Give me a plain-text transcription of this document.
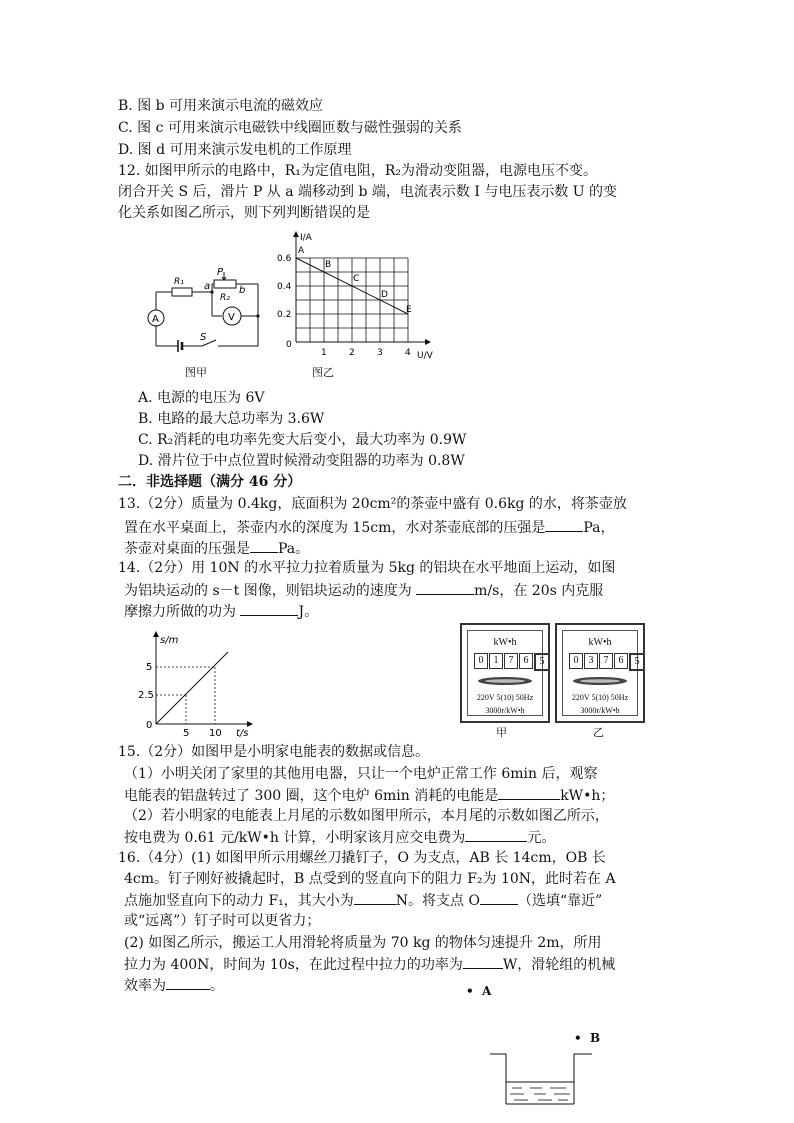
B. 图 b 可用来演示电流的磁效应
C. 图 c 可用来演示电磁铁中线圈匝数与磁性强弱的关系
D. 图 d 可用来演示发电机的工作原理
12. 如图甲所示的电路中，R₁为定值电阻，R₂为滑动变阻器，电源电压不变。
闭合开关 S 后，滑片 P 从 a 端移动到 b 端，电流表示数 I 与电压表示数 U 的变
化关系如图乙所示，则下列判断错误的是
R₁ a
P
b
R₂
A	V
S
图甲
I/A
U/V
0
0.6
0.4
0.2
1 2 3 4
A
B
C
D
E
图乙
A. 电源的电压为 6V
B. 电路的最大总功率为 3.6W
C. R₂消耗的电功率先变大后变小，最大功率为 0.9W
D. 滑片位于中点位置时候滑动变阻器的功率为 0.8W
二．非选择题（满分 46 分）
13.（2分）质量为 0.4kg，底面积为 20cm²的茶壶中盛有 0.6kg 的水，将茶壶放
置在水平桌面上，茶壶内水的深度为 15cm，水对茶壶底部的压强是	Pa，
茶壶对桌面的压强是 Pa。
14.（2分）用 10N 的水平拉力拉着质量为 5kg 的铝块在水平地面上运动，如图
为铝块运动的 s－t 图像，则铝块运动的速度为	m/s，在 20s 内克服
摩擦力所做的功为	J。
s/m
t/s
0
5
2.5
5 10
kW•h
0	1	7	6	5
220V 5(10) 50Hz
3000r/kW•h
甲
kW•h
0	3	7	6	5
220V 5(10) 50Hz
3000r/kW•h
乙
15.（2分）如图甲是小明家电能表的数据或信息。
（1）小明关闭了家里的其他用电器，只让一个电炉正常工作 6min 后，观察
电能表的铝盘转过了 300 圈，这个电炉 6min 消耗的电能是	kW•h；
（2）若小明家的电能表上月尾的示数如图甲所示，本月尾的示数如图乙所示，
按电费为 0.61 元/kW•h 计算，小明家该月应交电费为	元。
16.（4分）(1) 如图甲所示用螺丝刀撬钉子，O 为支点，AB 长 14cm，OB 长
4cm。钉子刚好被撬起时，B 点受到的竖直向下的阻力 F₂为 10N，此时若在 A
点施加竖直向下的动力 F₁，其大小为	N。将支点 O	（选填“靠近”
或“远离”）钉子时可以更省力；
(2) 如图乙所示，搬运工人用滑轮将质量为 70 kg 的物体匀速提升 2m，所用
拉力为 400N，时间为 10s，在此过程中拉力的功率为	W，滑轮组的机械
效率为	。	•  A
•  B
